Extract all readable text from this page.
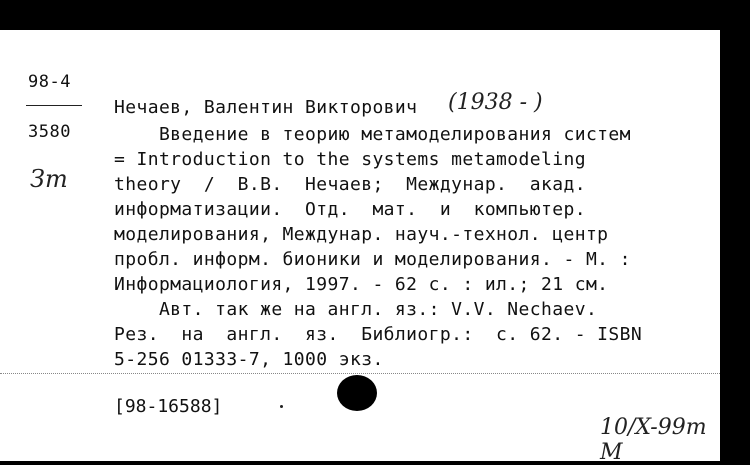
98-4
3580
Зm
Нечаев, Валентин Викторович (1938 - )
Введение в теорию метамоделирования систем
= Introduction to the systems metamodeling
theory  /  В.В.  Нечаев;  Междунар.  акад.
информатизации.  Отд.  мат.  и  компьютер.
моделирования, Междунар. науч.-технол. центр
пробл. информ. бионики и моделирования. - М. :
Информациология, 1997. - 62 с. : ил.; 21 см.
Авт. так же на англ. яз.: V.V. Nechaev.
Рез.  на  англ.  яз.  Библиогр.:  с. 62. - ISBN
5-256 01333-7, 1000 экз.
[98-16588]
10/X-99т М
